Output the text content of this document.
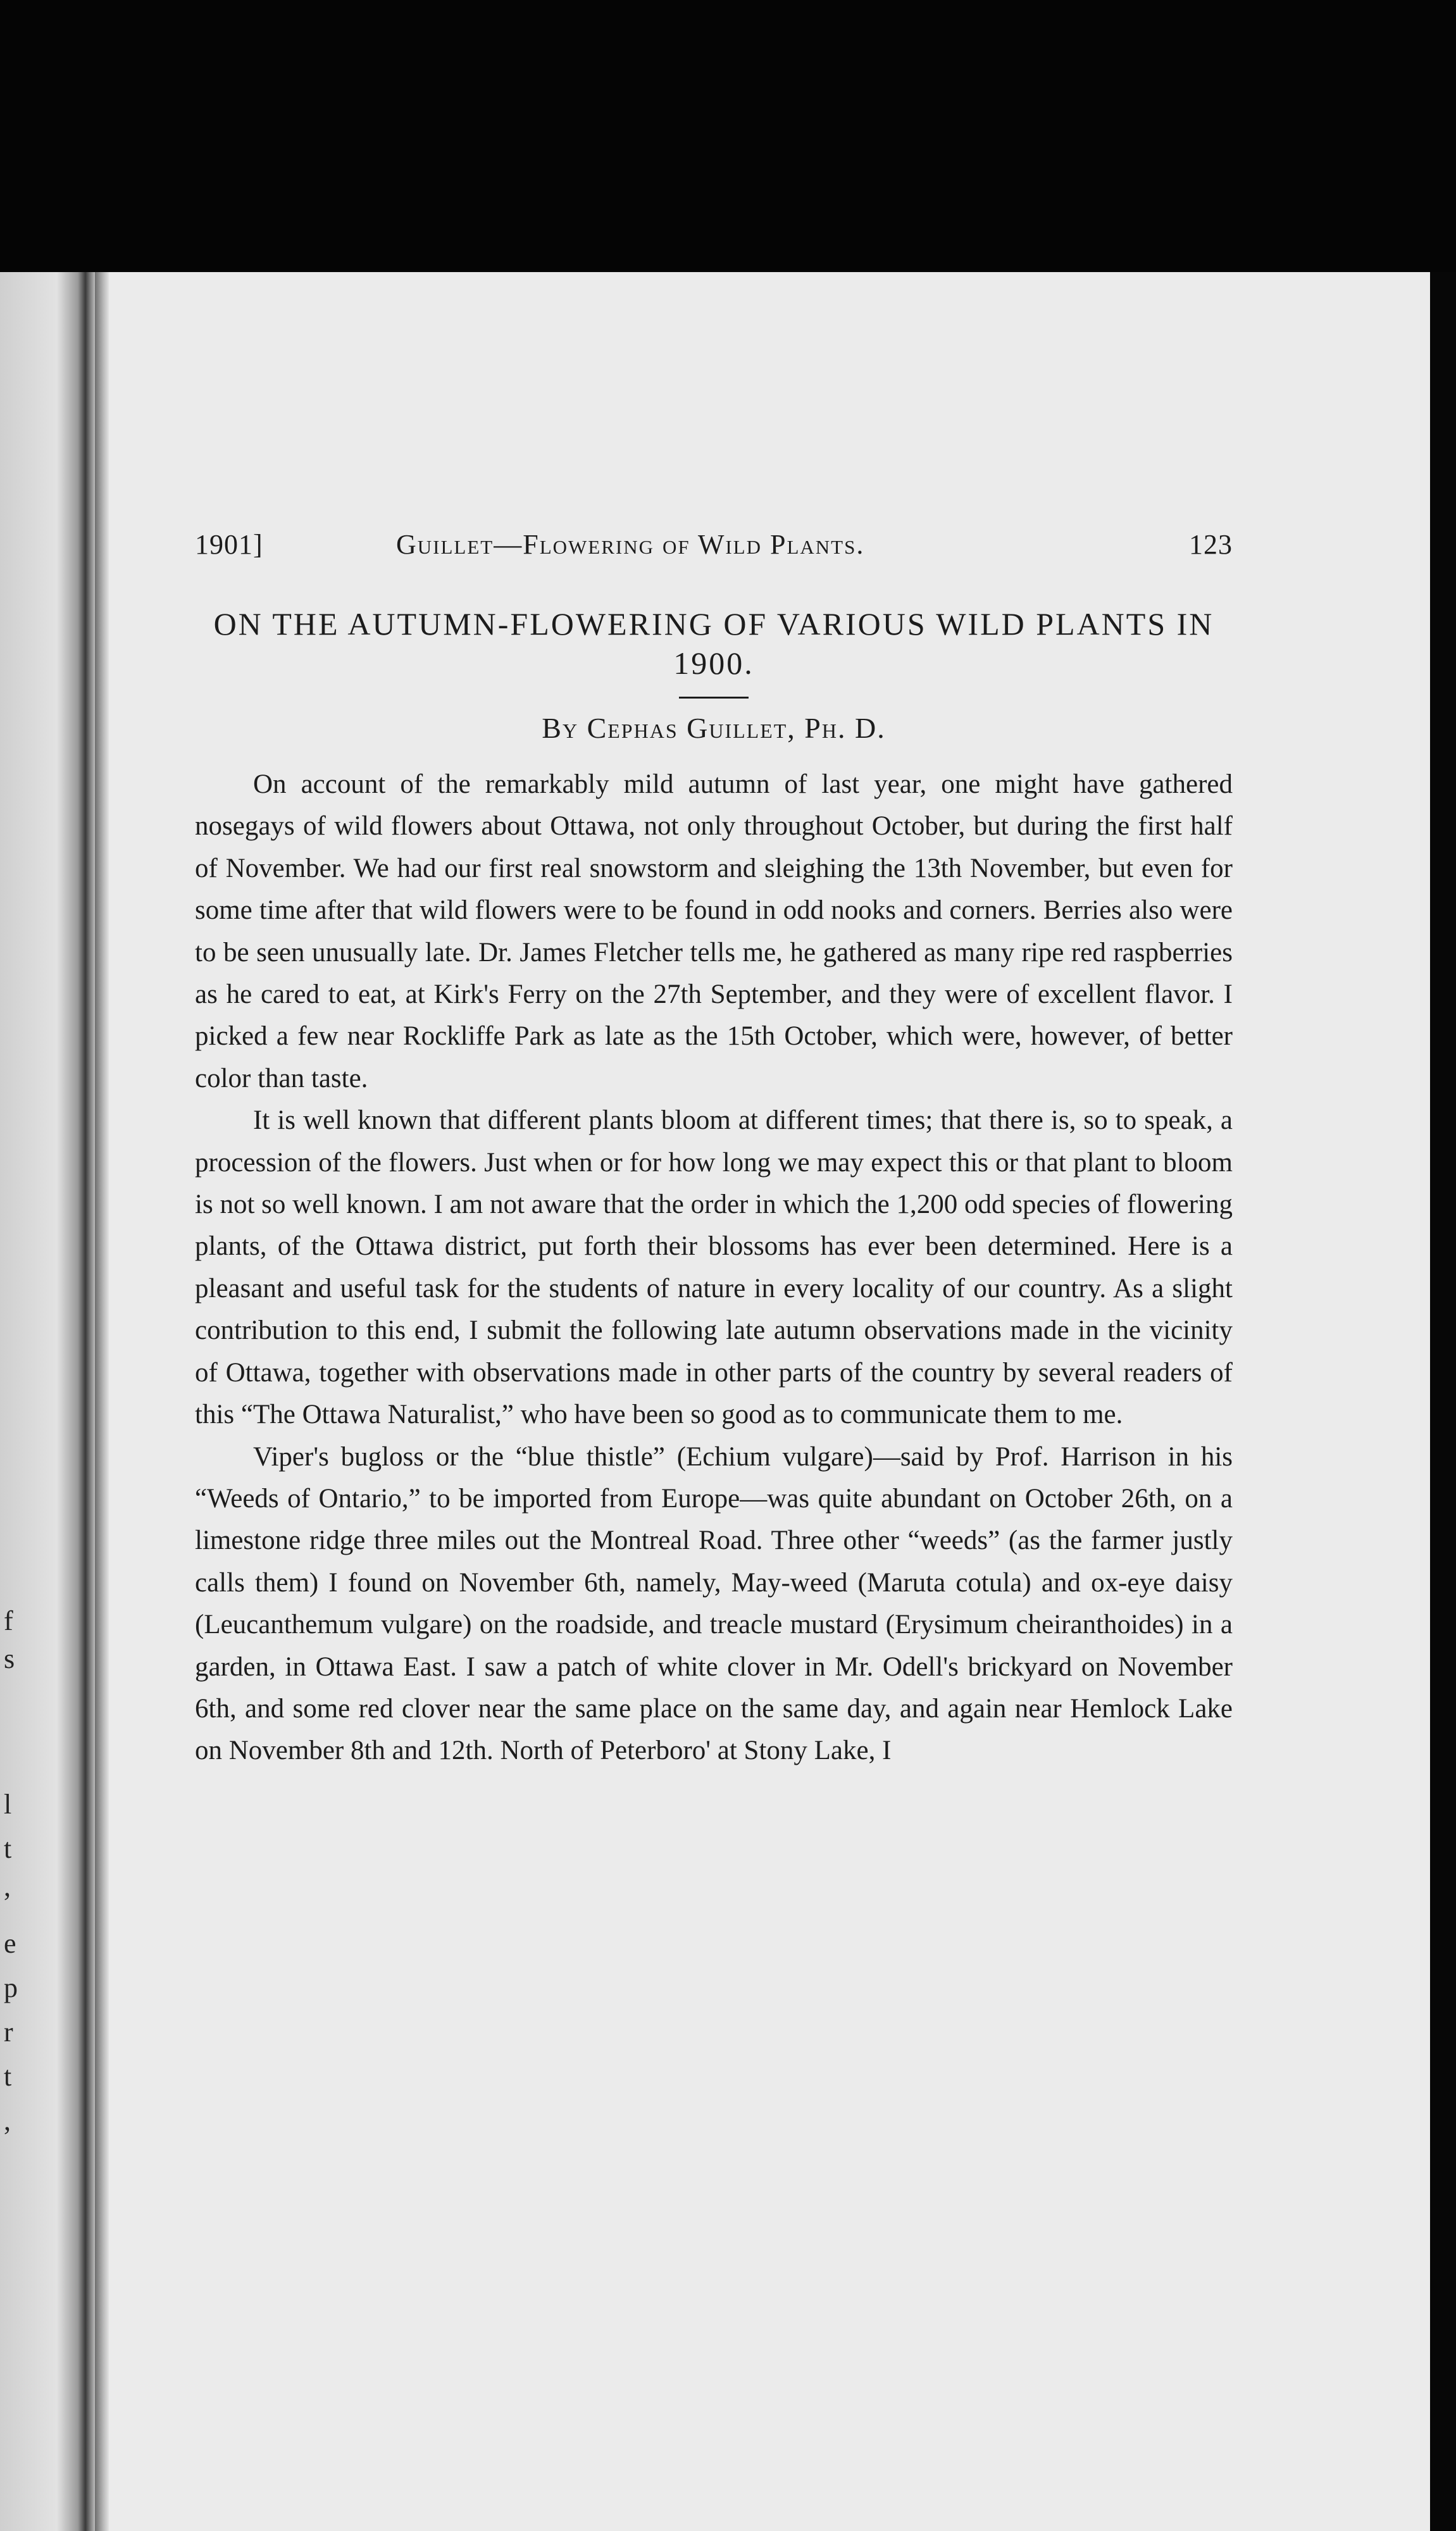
f
s
l
t
,
e
p
r
t
,
1901]	Guillet—Flowering of Wild Plants.	123
ON THE AUTUMN-FLOWERING OF VARIOUS WILD PLANTS IN 1900.
By Cephas Guillet, Ph. D.

On account of the remarkably mild autumn of last year, one might have gathered nosegays of wild flowers about Ottawa, not only throughout October, but during the first half of November. We had our first real snowstorm and sleighing the 13th November, but even for some time after that wild flowers were to be found in odd nooks and corners. Berries also were to be seen unusually late. Dr. James Fletcher tells me, he gathered as many ripe red raspberries as he cared to eat, at Kirk's Ferry on the 27th September, and they were of excellent flavor. I picked a few near Rockliffe Park as late as the 15th October, which were, however, of better color than taste.

It is well known that different plants bloom at different times; that there is, so to speak, a procession of the flowers. Just when or for how long we may expect this or that plant to bloom is not so well known. I am not aware that the order in which the 1,200 odd species of flowering plants, of the Ottawa district, put forth their blossoms has ever been determined. Here is a pleasant and useful task for the students of nature in every locality of our country. As a slight contribution to this end, I submit the following late autumn observations made in the vicinity of Ottawa, together with observations made in other parts of the country by several readers of this “The Ottawa Naturalist,” who have been so good as to communicate them to me.

Viper's bugloss or the “blue thistle” (Echium vulgare)—said by Prof. Harrison in his “Weeds of Ontario,” to be imported from Europe—was quite abundant on October 26th, on a limestone ridge three miles out the Montreal Road. Three other “weeds” (as the farmer justly calls them) I found on November 6th, namely, May-weed (Maruta cotula) and ox-eye daisy (Leucanthemum vulgare) on the roadside, and treacle mustard (Erysimum cheiranthoides) in a garden, in Ottawa East. I saw a patch of white clover in Mr. Odell's brickyard on November 6th, and some red clover near the same place on the same day, and again near Hemlock Lake on November 8th and 12th. North of Peterboro' at Stony Lake, I
